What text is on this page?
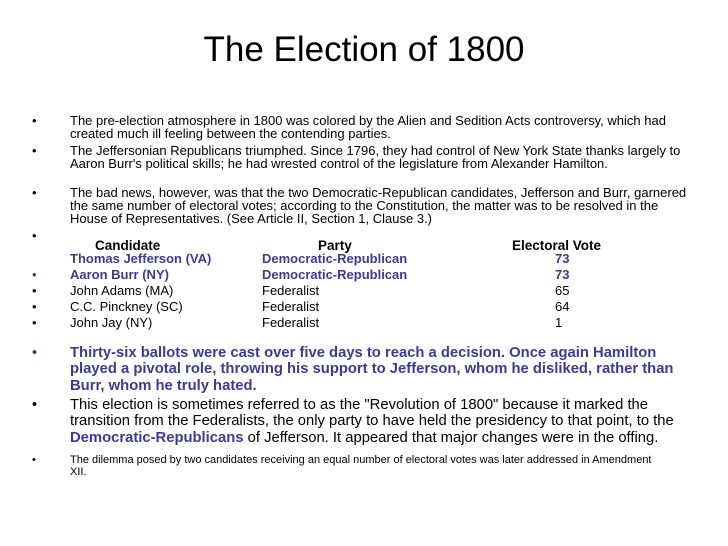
The Election of 1800
•	The pre-election atmosphere in 1800 was colored by the Alien and Sedition Acts controversy, which had created much ill feeling between the contending parties.
•	The Jeffersonian Republicans triumphed. Since 1796, they had control of New York State thanks largely to Aaron Burr's political skills; he had wrested control of the legislature from Alexander Hamilton.
•	The bad news, however, was that the two Democratic-Republican candidates, Jefferson and Burr, garnered the same number of electoral votes; according to the Constitution, the matter was to be resolved in the House of Representatives. (See Article II, Section 1, Clause 3.)
•
Candidate	Party	Electoral Vote
Thomas Jefferson (VA)	Democratic-Republican	73
•	Aaron Burr (NY)	Democratic-Republican	73
•	John Adams (MA)	Federalist	65
•	C.C. Pinckney (SC)	Federalist	64
•	John Jay (NY)	Federalist	1
• Thirty-six ballots were cast over five days to reach a decision. Once again Hamilton played a pivotal role, throwing his support to Jefferson, whom he disliked, rather than Burr, whom he truly hated.
• This election is sometimes referred to as the "Revolution of 1800" because it marked the transition from the Federalists, the only party to have held the presidency to that point, to the Democratic-Republicans of Jefferson. It appeared that major changes were in the offing.
•	The dilemma posed by two candidates receiving an equal number of electoral votes was later addressed in Amendment XII.
